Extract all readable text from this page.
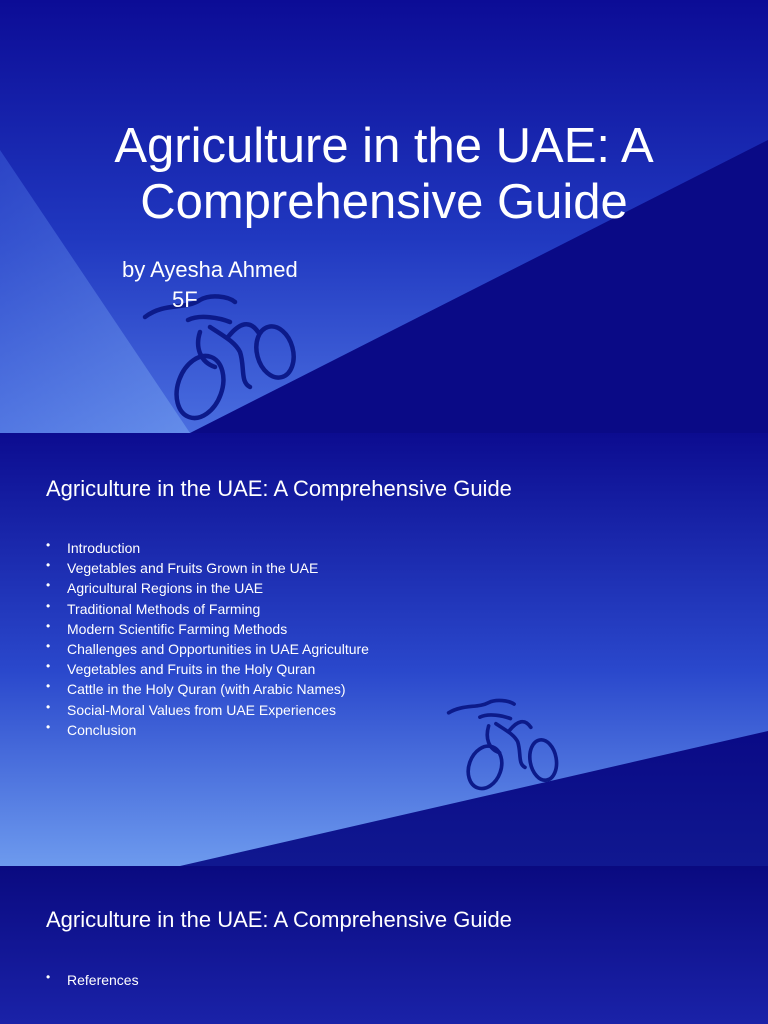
Agriculture in the UAE: A Comprehensive Guide
by Ayesha Ahmed
5F
Agriculture in the UAE: A Comprehensive Guide
• Introduction
• Vegetables and Fruits Grown in the UAE
• Agricultural Regions in the UAE
• Traditional Methods of Farming
• Modern Scientific Farming Methods
• Challenges and Opportunities in UAE Agriculture
• Vegetables and Fruits in the Holy Quran
• Cattle in the Holy Quran (with Arabic Names)
• Social-Moral Values from UAE Experiences
• Conclusion
Agriculture in the UAE: A Comprehensive Guide
• References
